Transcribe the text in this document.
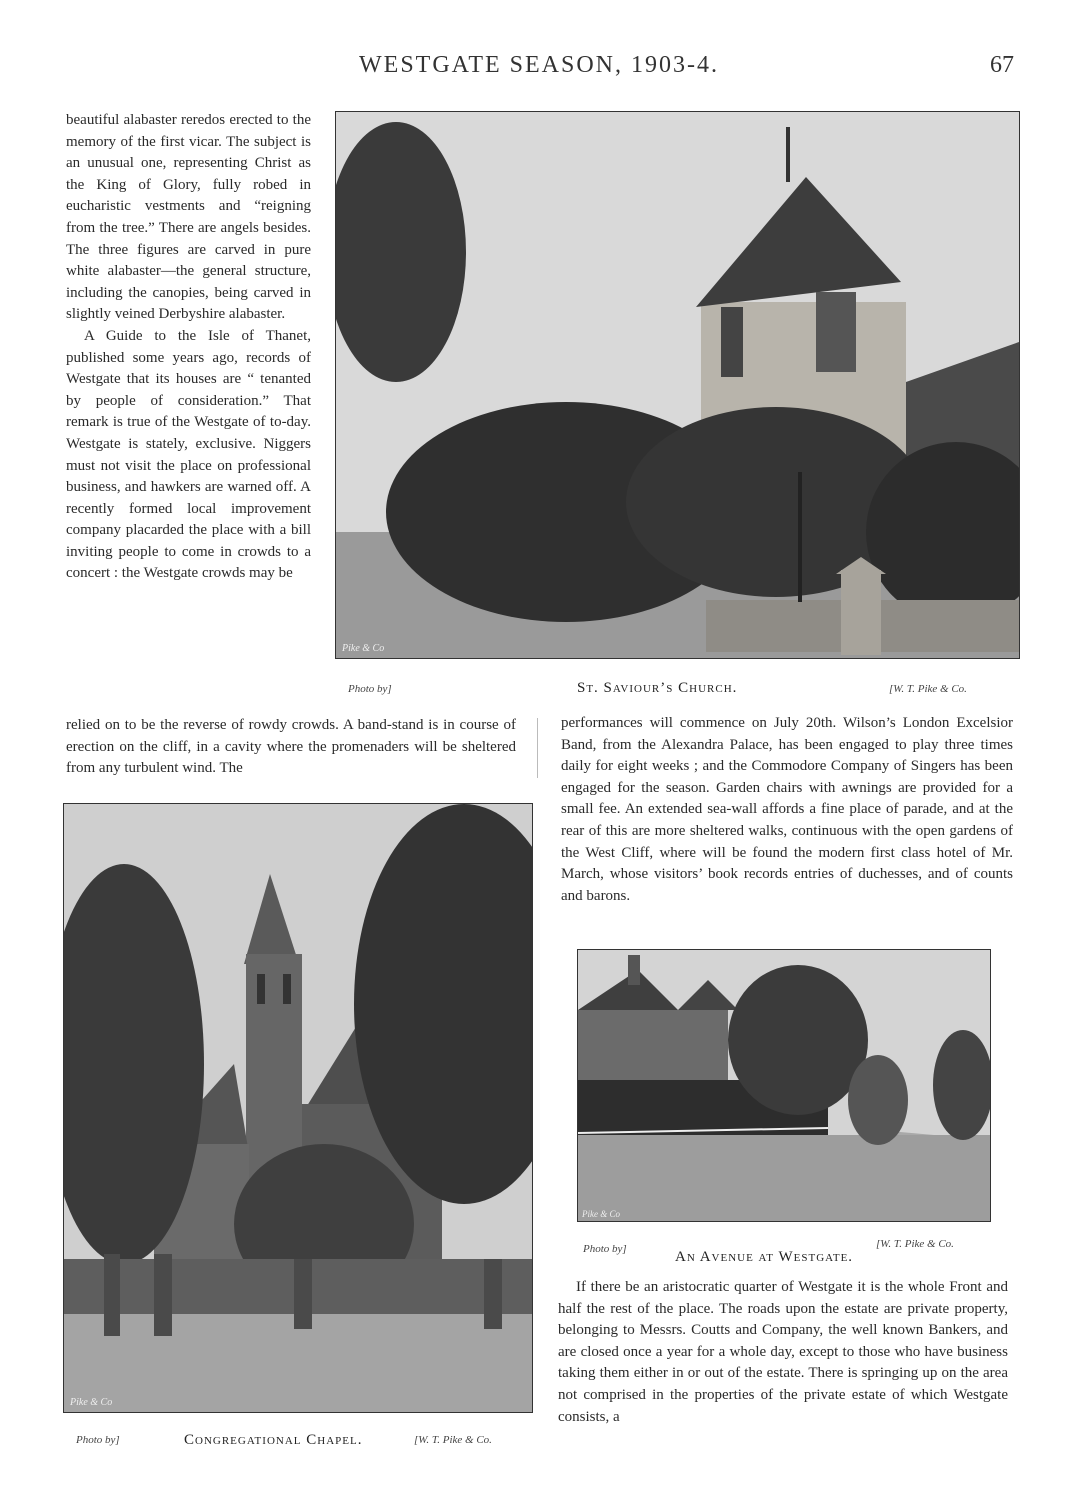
WESTGATE SEASON, 1903-4.	67

beautiful alabaster reredos erected to the memory of the first vicar. The subject is an unusual one, representing Christ as the King of Glory, fully robed in eucharistic vestments and “reigning from the tree.” There are angels besides. The three figures are carved in pure white alabaster—the general structure, including the canopies, being carved in slightly veined Derbyshire alabaster.

A Guide to the Isle of Thanet, published some years ago, records of Westgate that its houses are “ tenanted by people of consideration.” That remark is true of the Westgate of to-day. Westgate is stately, exclusive. Niggers must not visit the place on professional business, and hawkers are warned off. A recently formed local improvement company placarded the place with a bill inviting people to come in crowds to a concert : the Westgate crowds may be

Pike & Co
Photo by]	St. Saviour’s Church.	[W. T. Pike & Co.

relied on to be the reverse of rowdy crowds. A band-stand is in course of erection on the cliff, in a cavity where the promenaders will be sheltered from any turbulent wind. The

performances will commence on July 20th. Wilson’s London Excelsior Band, from the Alexandra Palace, has been engaged to play three times daily for eight weeks ; and the Commodore Company of Singers has been engaged for the season. Garden chairs with awnings are provided for a small fee. An extended sea-wall affords a fine place of parade, and at the rear of this are more sheltered walks, continuous with the open gardens of the West Cliff, where will be found the modern first class hotel of Mr. March, whose visitors’ book records entries of duchesses, and of counts and barons.

Pike & Co
Photo by]	Congregational Chapel.	[W. T. Pike & Co.
Pike & Co
Photo by]	An Avenue at Westgate.
[W. T. Pike & Co.

If there be an aristocratic quarter of Westgate it is the whole Front and half the rest of the place. The roads upon the estate are private property, belonging to Messrs. Coutts and Company, the well known Bankers, and are closed once a year for a whole day, except to those who have business taking them either in or out of the estate. There is springing up on the area not comprised in the properties of the private estate of which Westgate consists, a
